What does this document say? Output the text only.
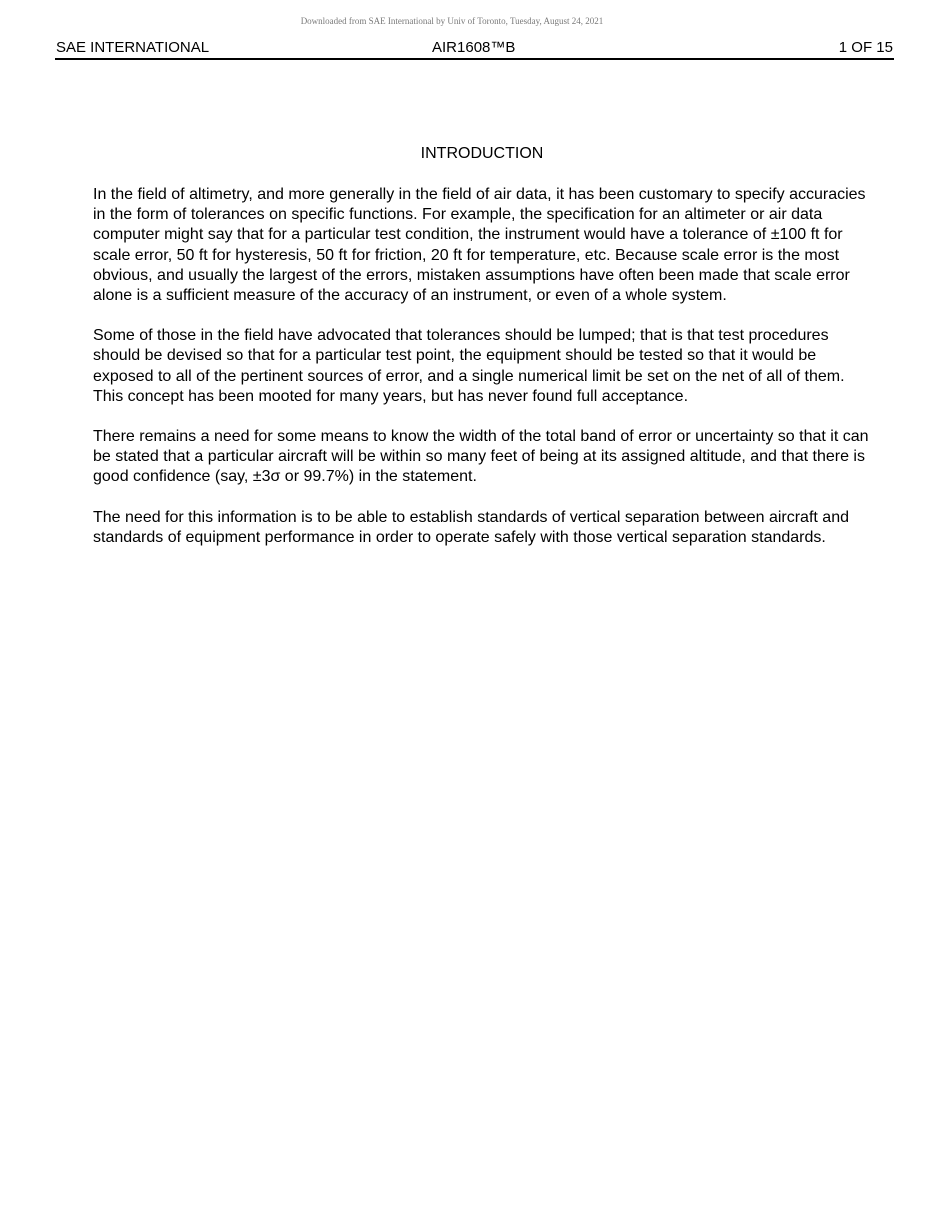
Downloaded from SAE International by Univ of Toronto, Tuesday, August 24, 2021
SAE INTERNATIONAL	AIR1608™B	1 OF 15
INTRODUCTION

In the field of altimetry, and more generally in the field of air data, it has been customary to specify accuracies in the form of tolerances on specific functions. For example, the specification for an altimeter or air data computer might say that for a particular test condition, the instrument would have a tolerance of ±100 ft for scale error, 50 ft for hysteresis, 50 ft for friction, 20 ft for temperature, etc. Because scale error is the most obvious, and usually the largest of the errors, mistaken assumptions have often been made that scale error alone is a sufficient measure of the accuracy of an instrument, or even of a whole system.

Some of those in the field have advocated that tolerances should be lumped; that is that test procedures should be devised so that for a particular test point, the equipment should be tested so that it would be exposed to all of the pertinent sources of error, and a single numerical limit be set on the net of all of them. This concept has been mooted for many years, but has never found full acceptance.

There remains a need for some means to know the width of the total band of error or uncertainty so that it can be stated that a particular aircraft will be within so many feet of being at its assigned altitude, and that there is good confidence (say, ±3σ or 99.7%) in the statement.

The need for this information is to be able to establish standards of vertical separation between aircraft and standards of equipment performance in order to operate safely with those vertical separation standards.
